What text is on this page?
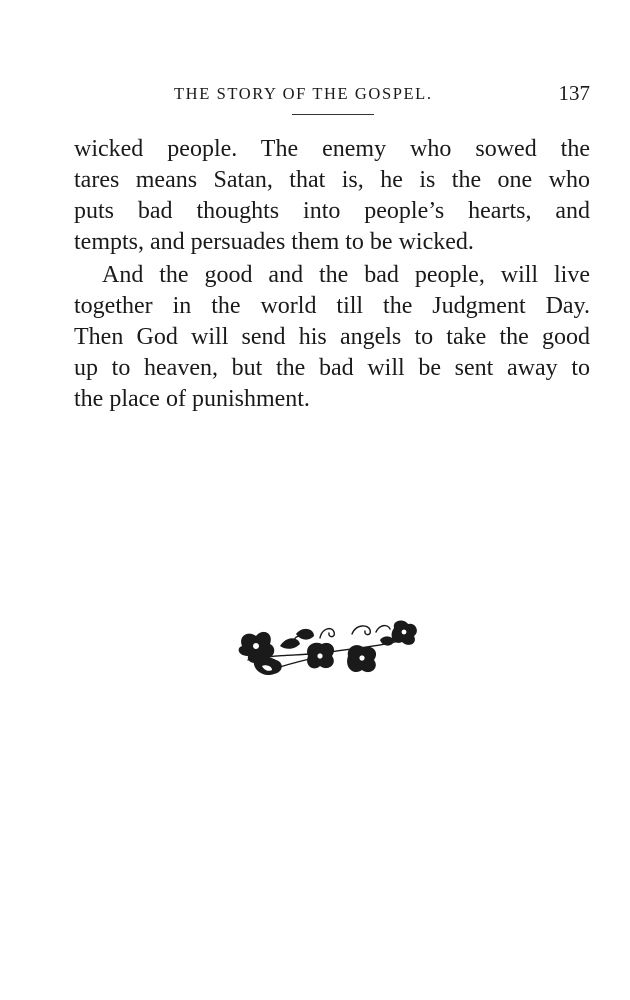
THE STORY OF THE GOSPEL.	137
wicked people. The enemy who sowed the
tares means Satan, that is, he is the one who
puts bad thoughts into people’s hearts, and
tempts, and persuades them to be wicked.
And the good and the bad people, will live
together in the world till the Judgment Day.
Then God will send his angels to take the good
up to heaven, but the bad will be sent away to
the place of punishment.
